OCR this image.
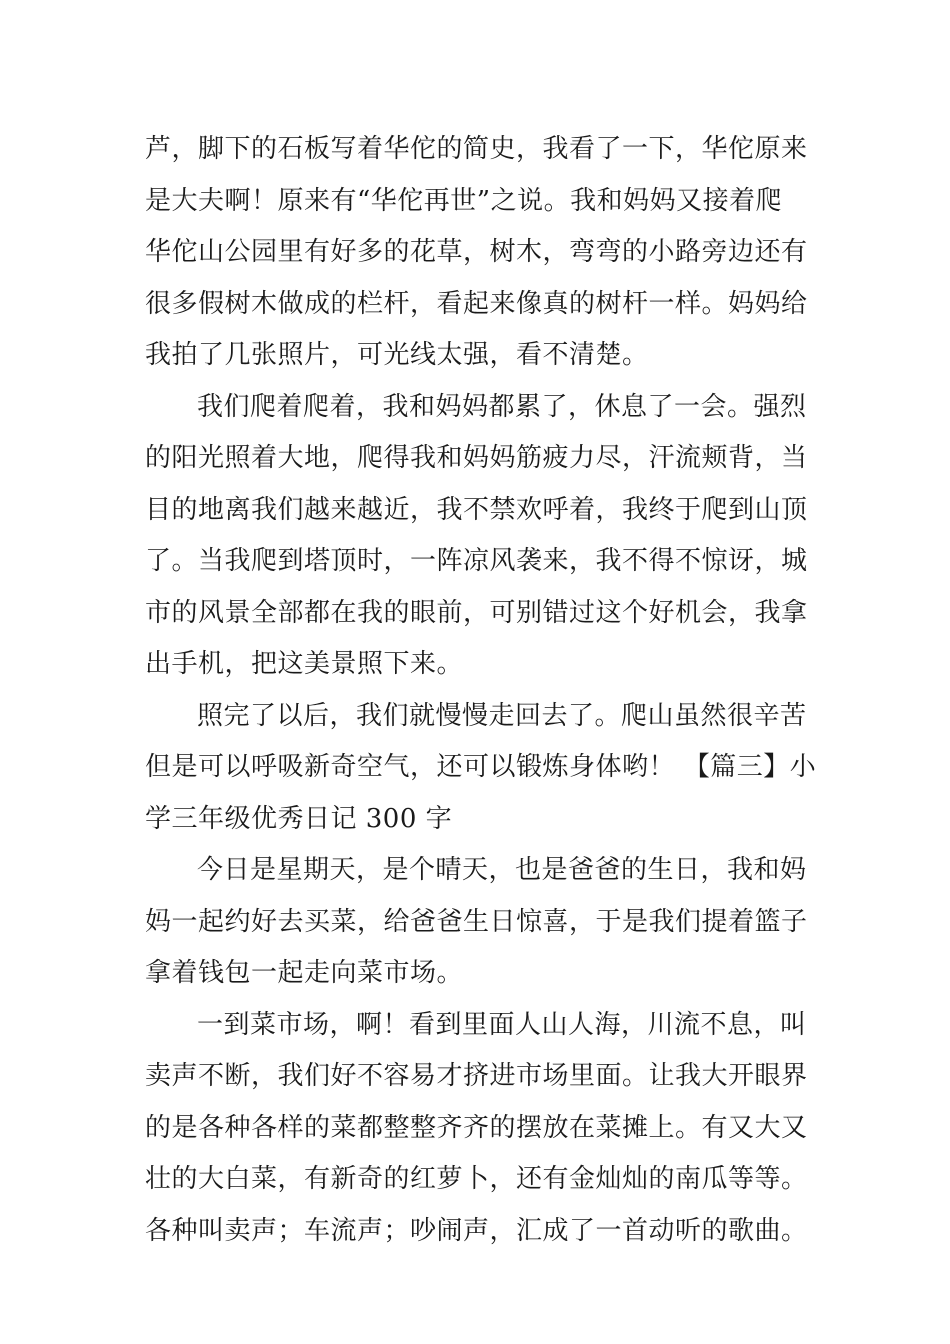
芦，脚下的石板写着华佗的简史，我看了一下，华佗原来
是大夫啊！原来有“华佗再世”之说。我和妈妈又接着爬
华佗山公园里有好多的花草，树木，弯弯的小路旁边还有
很多假树木做成的栏杆，看起来像真的树杆一样。妈妈给
我拍了几张照片，可光线太强，看不清楚。
我们爬着爬着，我和妈妈都累了，休息了一会。强烈
的阳光照着大地，爬得我和妈妈筋疲力尽，汗流颊背，当
目的地离我们越来越近，我不禁欢呼着，我终于爬到山顶
了。当我爬到塔顶时，一阵凉风袭来，我不得不惊讶，城
市的风景全部都在我的眼前，可别错过这个好机会，我拿
出手机，把这美景照下来。
照完了以后，我们就慢慢走回去了。爬山虽然很辛苦
但是可以呼吸新奇空气，还可以锻炼身体哟！ 【篇三】小
学三年级优秀日记 300 字
今日是星期天，是个晴天，也是爸爸的生日，我和妈
妈一起约好去买菜，给爸爸生日惊喜，于是我们提着篮子
拿着钱包一起走向菜市场。
一到菜市场，啊！看到里面人山人海，川流不息，叫
卖声不断，我们好不容易才挤进市场里面。让我大开眼界
的是各种各样的菜都整整齐齐的摆放在菜摊上。有又大又
壮的大白菜，有新奇的红萝卜，还有金灿灿的南瓜等等。
各种叫卖声；车流声；吵闹声，汇成了一首动听的歌曲。
